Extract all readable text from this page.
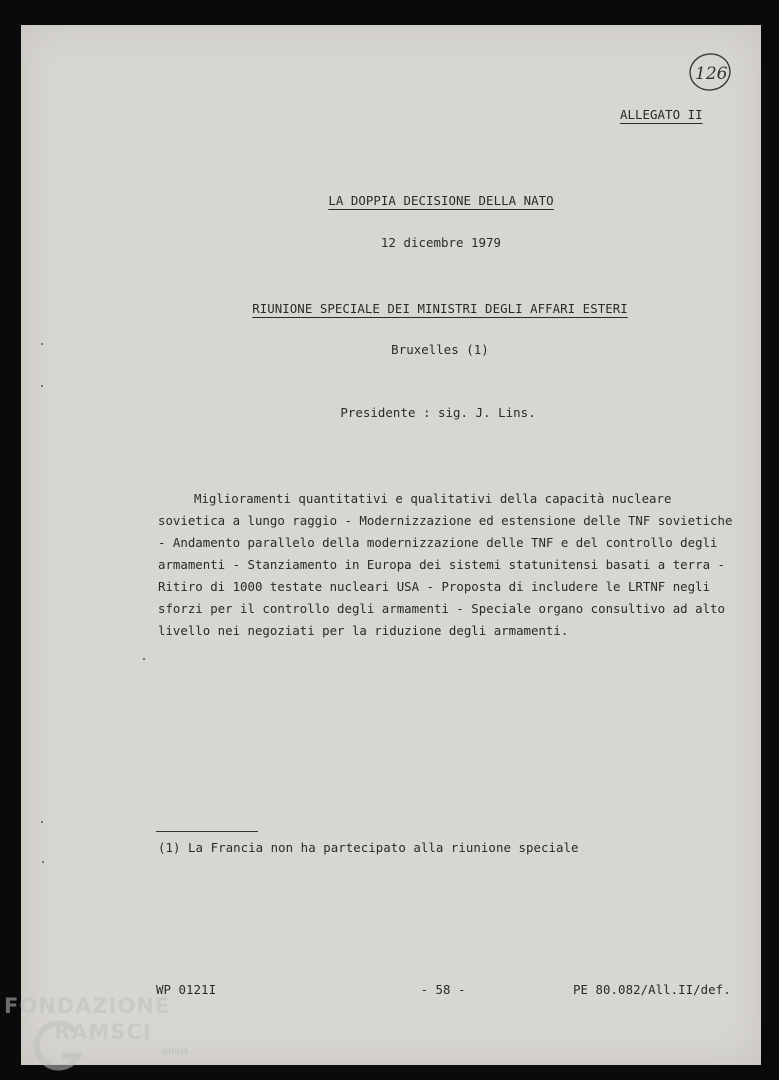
126
ALLEGATO II
LA DOPPIA DECISIONE DELLA NATO
12 dicembre 1979
RIUNIONE SPECIALE DEI MINISTRI DEGLI AFFARI ESTERI
Bruxelles (1)
Presidente : sig. J. Lins.
Miglioramenti quantitativi e qualitativi della capacità nucleare
sovietica a lungo raggio - Modernizzazione ed estensione delle TNF sovietiche
- Andamento parallelo della modernizzazione delle TNF e del controllo degli
armamenti - Stanziamento in Europa dei sistemi statunitensi basati a terra -
Ritiro di 1000 testate nucleari USA - Proposta di includere le LRTNF negli
sforzi per il controllo degli armamenti - Speciale organo consultivo ad alto
livello nei negoziati per la riduzione degli armamenti.
(1) La Francia non ha partecipato alla riunione speciale
WP 0121I	- 58 -	PE 80.082/All.II/def.
FONDAZIONE
RAMSCI
onlus
